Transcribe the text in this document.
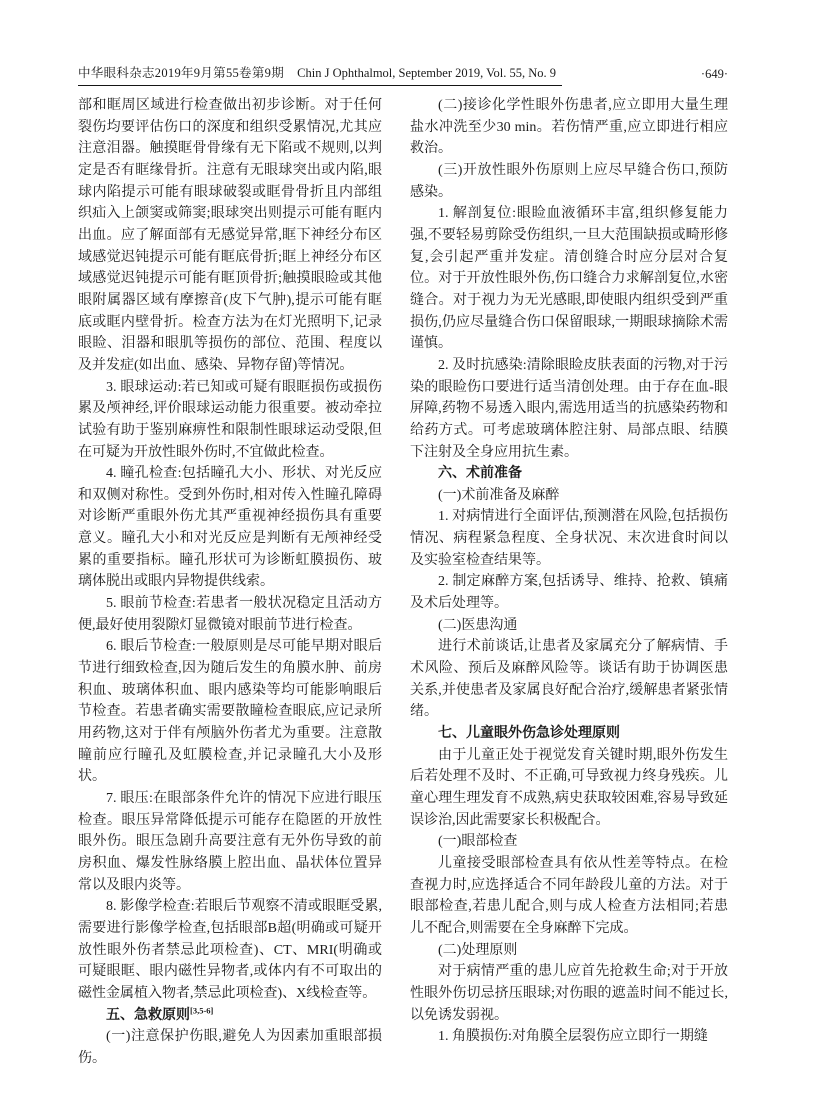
中华眼科杂志2019年9月第55卷第9期 Chin J Ophthalmol, September 2019, Vol. 55, No. 9	·649·

部和眶周区域进行检查做出初步诊断。对于任何裂伤均要评估伤口的深度和组织受累情况,尤其应注意泪器。触摸眶骨骨缘有无下陷或不规则,以判定是否有眶缘骨折。注意有无眼球突出或内陷,眼球内陷提示可能有眼球破裂或眶骨骨折且内部组织疝入上颌窦或筛窦;眼球突出则提示可能有眶内出血。应了解面部有无感觉异常,眶下神经分布区域感觉迟钝提示可能有眶底骨折;眶上神经分布区域感觉迟钝提示可能有眶顶骨折;触摸眼睑或其他眼附属器区域有摩擦音(皮下气肿),提示可能有眶底或眶内壁骨折。检查方法为在灯光照明下,记录眼睑、泪器和眼肌等损伤的部位、范围、程度以及并发症(如出血、感染、异物存留)等情况。

3. 眼球运动:若已知或可疑有眼眶损伤或损伤累及颅神经,评价眼球运动能力很重要。被动牵拉试验有助于鉴别麻痹性和限制性眼球运动受限,但在可疑为开放性眼外伤时,不宜做此检查。

4. 瞳孔检查:包括瞳孔大小、形状、对光反应和双侧对称性。受到外伤时,相对传入性瞳孔障碍对诊断严重眼外伤尤其严重视神经损伤具有重要意义。瞳孔大小和对光反应是判断有无颅神经受累的重要指标。瞳孔形状可为诊断虹膜损伤、玻璃体脱出或眼内异物提供线索。

5. 眼前节检查:若患者一般状况稳定且活动方便,最好使用裂隙灯显微镜对眼前节进行检查。

6. 眼后节检查:一般原则是尽可能早期对眼后节进行细致检查,因为随后发生的角膜水肿、前房积血、玻璃体积血、眼内感染等均可能影响眼后节检查。若患者确实需要散瞳检查眼底,应记录所用药物,这对于伴有颅脑外伤者尤为重要。注意散瞳前应行瞳孔及虹膜检查,并记录瞳孔大小及形状。

7. 眼压:在眼部条件允许的情况下应进行眼压检查。眼压异常降低提示可能存在隐匿的开放性眼外伤。眼压急剧升高要注意有无外伤导致的前房积血、爆发性脉络膜上腔出血、晶状体位置异常以及眼内炎等。

8. 影像学检查:若眼后节观察不清或眼眶受累,需要进行影像学检查,包括眼部B超(明确或可疑开放性眼外伤者禁忌此项检查)、CT、MRI(明确或可疑眼眶、眼内磁性异物者,或体内有不可取出的磁性金属植入物者,禁忌此项检查)、X线检查等。

五、急救原则[3,5-6]

(一)注意保护伤眼,避免人为因素加重眼部损伤。

(二)接诊化学性眼外伤患者,应立即用大量生理盐水冲洗至少30 min。若伤情严重,应立即进行相应救治。

(三)开放性眼外伤原则上应尽早缝合伤口,预防感染。

1. 解剖复位:眼睑血液循环丰富,组织修复能力强,不要轻易剪除受伤组织,一旦大范围缺损或畸形修复,会引起严重并发症。清创缝合时应分层对合复位。对于开放性眼外伤,伤口缝合力求解剖复位,水密缝合。对于视力为无光感眼,即使眼内组织受到严重损伤,仍应尽量缝合伤口保留眼球,一期眼球摘除术需谨慎。

2. 及时抗感染:清除眼睑皮肤表面的污物,对于污染的眼睑伤口要进行适当清创处理。由于存在血-眼屏障,药物不易透入眼内,需选用适当的抗感染药物和给药方式。可考虑玻璃体腔注射、局部点眼、结膜下注射及全身应用抗生素。

六、术前准备

(一)术前准备及麻醉

1. 对病情进行全面评估,预测潜在风险,包括损伤情况、病程紧急程度、全身状况、末次进食时间以及实验室检查结果等。

2. 制定麻醉方案,包括诱导、维持、抢救、镇痛及术后处理等。

(二)医患沟通

进行术前谈话,让患者及家属充分了解病情、手术风险、预后及麻醉风险等。谈话有助于协调医患关系,并使患者及家属良好配合治疗,缓解患者紧张情绪。

七、儿童眼外伤急诊处理原则

由于儿童正处于视觉发育关键时期,眼外伤发生后若处理不及时、不正确,可导致视力终身残疾。儿童心理生理发育不成熟,病史获取较困难,容易导致延误诊治,因此需要家长积极配合。

(一)眼部检查

儿童接受眼部检查具有依从性差等特点。在检查视力时,应选择适合不同年龄段儿童的方法。对于眼部检查,若患儿配合,则与成人检查方法相同;若患儿不配合,则需要在全身麻醉下完成。

(二)处理原则

对于病情严重的患儿应首先抢救生命;对于开放性眼外伤切忌挤压眼球;对伤眼的遮盖时间不能过长,以免诱发弱视。

1. 角膜损伤:对角膜全层裂伤应立即行一期缝
